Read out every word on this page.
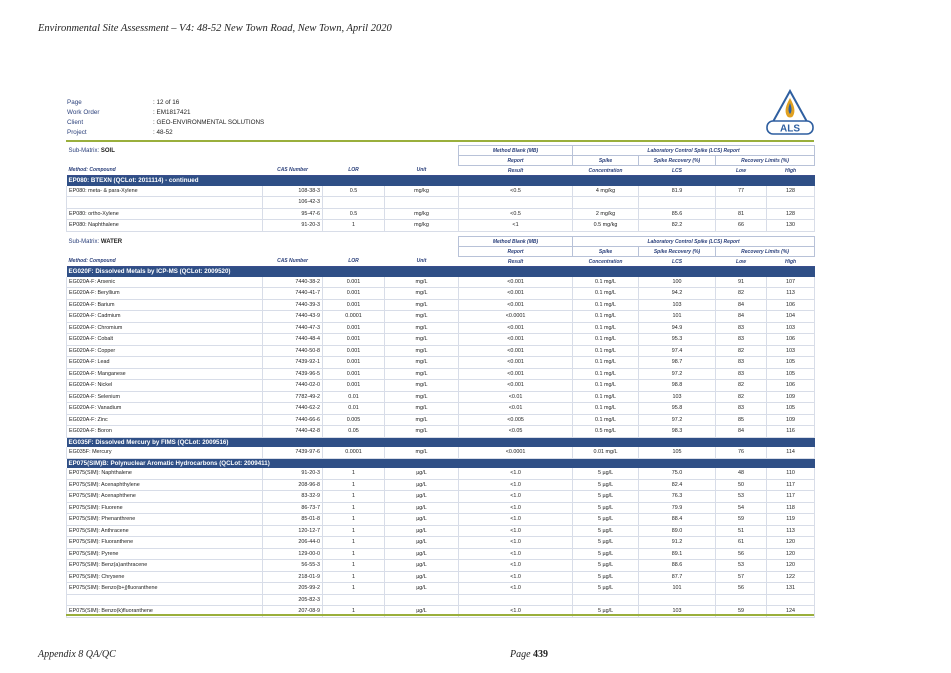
Environmental Site Assessment – V4: 48-52 New Town Road, New Town, April 2020
Page	: 12 of 16
Work Order	: EM1817421
Client	: GEO-ENVIRONMENTAL SOLUTIONS
Project	: 48-52	ALS
Sub-Matrix: SOIL				Method Blank (MB)	Laboratory Control Spike (LCS) Report			
				Report	Spike	Spike Recovery (%)	Recovery Limits (%)	
Method: Compound	CAS Number	LOR	Unit	Result	Concentration	LCS	Low	High
EP080: BTEXN (QCLot: 2011114) - continued								
EP080: meta- & para-Xylene	108-38-3	0.5	mg/kg	<0.5	4 mg/kg	81.9	77	128
	106-42-3							
EP080: ortho-Xylene	95-47-6	0.5	mg/kg	<0.5	2 mg/kg	85.6	81	128
EP080: Naphthalene	91-20-3	1	mg/kg	<1	0.5 mg/kg	82.2	66	130
Sub-Matrix: WATER				Method Blank (MB)	Laboratory Control Spike (LCS) Report			
				Report	Spike	Spike Recovery (%)	Recovery Limits (%)	
Method: Compound	CAS Number	LOR	Unit	Result	Concentration	LCS	Low	High
EG020F: Dissolved Metals by ICP-MS (QCLot: 2009520)								
EG020A-F: Arsenic	7440-38-2	0.001	mg/L	<0.001	0.1 mg/L	100	91	107
EG020A-F: Beryllium	7440-41-7	0.001	mg/L	<0.001	0.1 mg/L	94.2	82	113
EG020A-F: Barium	7440-39-3	0.001	mg/L	<0.001	0.1 mg/L	103	84	106
EG020A-F: Cadmium	7440-43-9	0.0001	mg/L	<0.0001	0.1 mg/L	101	84	104
EG020A-F: Chromium	7440-47-3	0.001	mg/L	<0.001	0.1 mg/L	94.9	83	103
EG020A-F: Cobalt	7440-48-4	0.001	mg/L	<0.001	0.1 mg/L	95.3	83	106
EG020A-F: Copper	7440-50-8	0.001	mg/L	<0.001	0.1 mg/L	97.4	82	103
EG020A-F: Lead	7439-92-1	0.001	mg/L	<0.001	0.1 mg/L	98.7	83	105
EG020A-F: Manganese	7439-96-5	0.001	mg/L	<0.001	0.1 mg/L	97.2	83	105
EG020A-F: Nickel	7440-02-0	0.001	mg/L	<0.001	0.1 mg/L	98.8	82	106
EG020A-F: Selenium	7782-49-2	0.01	mg/L	<0.01	0.1 mg/L	103	82	109
EG020A-F: Vanadium	7440-62-2	0.01	mg/L	<0.01	0.1 mg/L	95.8	83	105
EG020A-F: Zinc	7440-66-6	0.005	mg/L	<0.005	0.1 mg/L	97.2	85	109
EG020A-F: Boron	7440-42-8	0.05	mg/L	<0.05	0.5 mg/L	98.3	84	116
EG035F: Dissolved Mercury by FIMS (QCLot: 2009516)								
EG035F: Mercury	7439-97-6	0.0001	mg/L	<0.0001	0.01 mg/L	105	76	114
EP075(SIM)B: Polynuclear Aromatic Hydrocarbons (QCLot: 2009411)								
EP075(SIM): Naphthalene	91-20-3	1	µg/L	<1.0	5 µg/L	75.0	48	110
EP075(SIM): Acenaphthylene	208-96-8	1	µg/L	<1.0	5 µg/L	82.4	50	117
EP075(SIM): Acenaphthene	83-32-9	1	µg/L	<1.0	5 µg/L	76.3	53	117
EP075(SIM): Fluorene	86-73-7	1	µg/L	<1.0	5 µg/L	79.9	54	118
EP075(SIM): Phenanthrene	85-01-8	1	µg/L	<1.0	5 µg/L	88.4	59	119
EP075(SIM): Anthracene	120-12-7	1	µg/L	<1.0	5 µg/L	89.0	51	113
EP075(SIM): Fluoranthene	206-44-0	1	µg/L	<1.0	5 µg/L	91.2	61	120
EP075(SIM): Pyrene	129-00-0	1	µg/L	<1.0	5 µg/L	89.1	56	120
EP075(SIM): Benz(a)anthracene	56-55-3	1	µg/L	<1.0	5 µg/L	88.6	53	120
EP075(SIM): Chrysene	218-01-9	1	µg/L	<1.0	5 µg/L	87.7	57	122
EP075(SIM): Benzo(b+j)fluoranthene	205-99-2	1	µg/L	<1.0	5 µg/L	101	56	131
	205-82-3							
EP075(SIM): Benzo(k)fluoranthene	207-08-9	1	µg/L	<1.0	5 µg/L	103	59	124
Appendix 8 QA/QC	Page 439
